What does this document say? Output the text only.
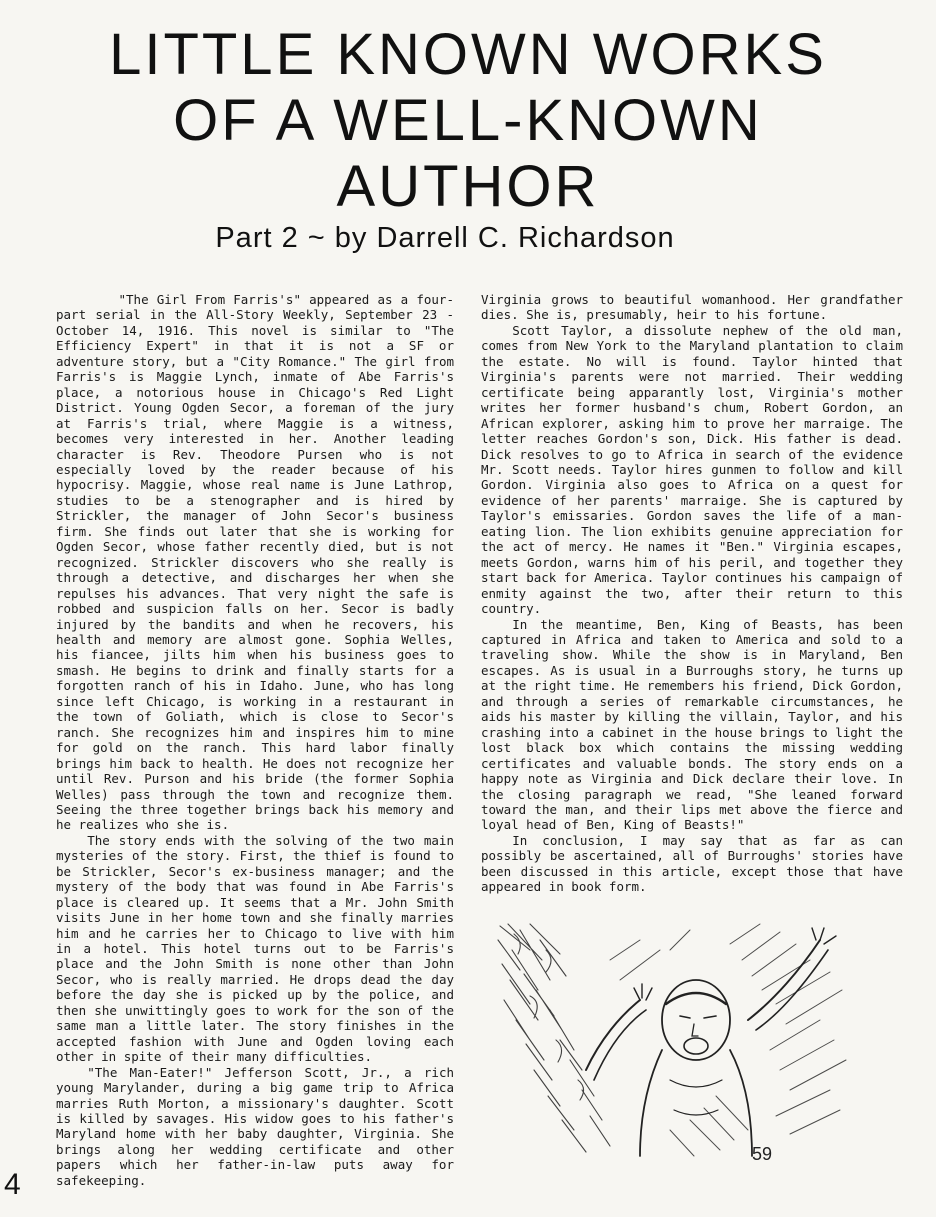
LITTLE KNOWN WORKS
OF A WELL-KNOWN
AUTHOR
Part 2 ~ by Darrell C. Richardson

"The Girl From Farris's" appeared as a four-part serial in the All-Story Weekly, September 23 - October 14, 1916. This novel is similar to "The Efficiency Expert" in that it is not a SF or adventure story, but a "City Romance." The girl from Farris's is Maggie Lynch, inmate of Abe Farris's place, a notorious house in Chicago's Red Light District. Young Ogden Secor, a foreman of the jury at Farris's trial, where Maggie is a witness, becomes very interested in her. Another leading character is Rev. Theodore Pursen who is not especially loved by the reader because of his hypocrisy. Maggie, whose real name is June Lathrop, studies to be a stenographer and is hired by Strickler, the manager of John Secor's business firm. She finds out later that she is working for Ogden Secor, whose father recently died, but is not recognized. Strickler discovers who she really is through a detective, and discharges her when she repulses his advances. That very night the safe is robbed and suspicion falls on her. Secor is badly injured by the bandits and when he recovers, his health and memory are almost gone. Sophia Welles, his fiancee, jilts him when his business goes to smash. He begins to drink and finally starts for a forgotten ranch of his in Idaho. June, who has long since left Chicago, is working in a restaurant in the town of Goliath, which is close to Secor's ranch. She recognizes him and inspires him to mine for gold on the ranch. This hard labor finally brings him back to health. He does not recognize her until Rev. Purson and his bride (the former Sophia Welles) pass through the town and recognize them. Seeing the three together brings back his memory and he realizes who she is.

The story ends with the solving of the two main mysteries of the story. First, the thief is found to be Strickler, Secor's ex-business manager; and the mystery of the body that was found in Abe Farris's place is cleared up. It seems that a Mr. John Smith visits June in her home town and she finally marries him and he carries her to Chicago to live with him in a hotel. This hotel turns out to be Farris's place and the John Smith is none other than John Secor, who is really married. He drops dead the day before the day she is picked up by the police, and then she unwittingly goes to work for the son of the same man a little later. The story finishes in the accepted fashion with June and Ogden loving each other in spite of their many difficulties.

"The Man-Eater!" Jefferson Scott, Jr., a rich young Marylander, during a big game trip to Africa marries Ruth Morton, a missionary's daughter. Scott is killed by savages. His widow goes to his father's Maryland home with her baby daughter, Virginia. She brings along her wedding certificate and other papers which her father-in-law puts away for safekeeping.

Virginia grows to beautiful womanhood. Her grandfather dies. She is, presumably, heir to his fortune.

Scott Taylor, a dissolute nephew of the old man, comes from New York to the Maryland plantation to claim the estate. No will is found. Taylor hinted that Virginia's parents were not married. Their wedding certificate being apparantly lost, Virginia's mother writes her former husband's chum, Robert Gordon, an African explorer, asking him to prove her marraige. The letter reaches Gordon's son, Dick. His father is dead. Dick resolves to go to Africa in search of the evidence Mr. Scott needs. Taylor hires gunmen to follow and kill Gordon. Virginia also goes to Africa on a quest for evidence of her parents' marraige. She is captured by Taylor's emissaries. Gordon saves the life of a man-eating lion. The lion exhibits genuine appreciation for the act of mercy. He names it "Ben." Virginia escapes, meets Gordon, warns him of his peril, and together they start back for America. Taylor continues his campaign of enmity against the two, after their return to this country.

In the meantime, Ben, King of Beasts, has been captured in Africa and taken to America and sold to a traveling show. While the show is in Maryland, Ben escapes. As is usual in a Burroughs story, he turns up at the right time. He remembers his friend, Dick Gordon, and through a series of remarkable circumstances, he aids his master by killing the villain, Taylor, and his crashing into a cabinet in the house brings to light the lost black box which contains the missing wedding certificates and valuable bonds. The story ends on a happy note as Virginia and Dick declare their love. In the closing paragraph we read, "She leaned forward toward the man, and their lips met above the fierce and loyal head of Ben, King of Beasts!"

In conclusion, I may say that as far as can possibly be ascertained, all of Burroughs' stories have been discussed in this article, except those that have appeared in book form.

59
4
